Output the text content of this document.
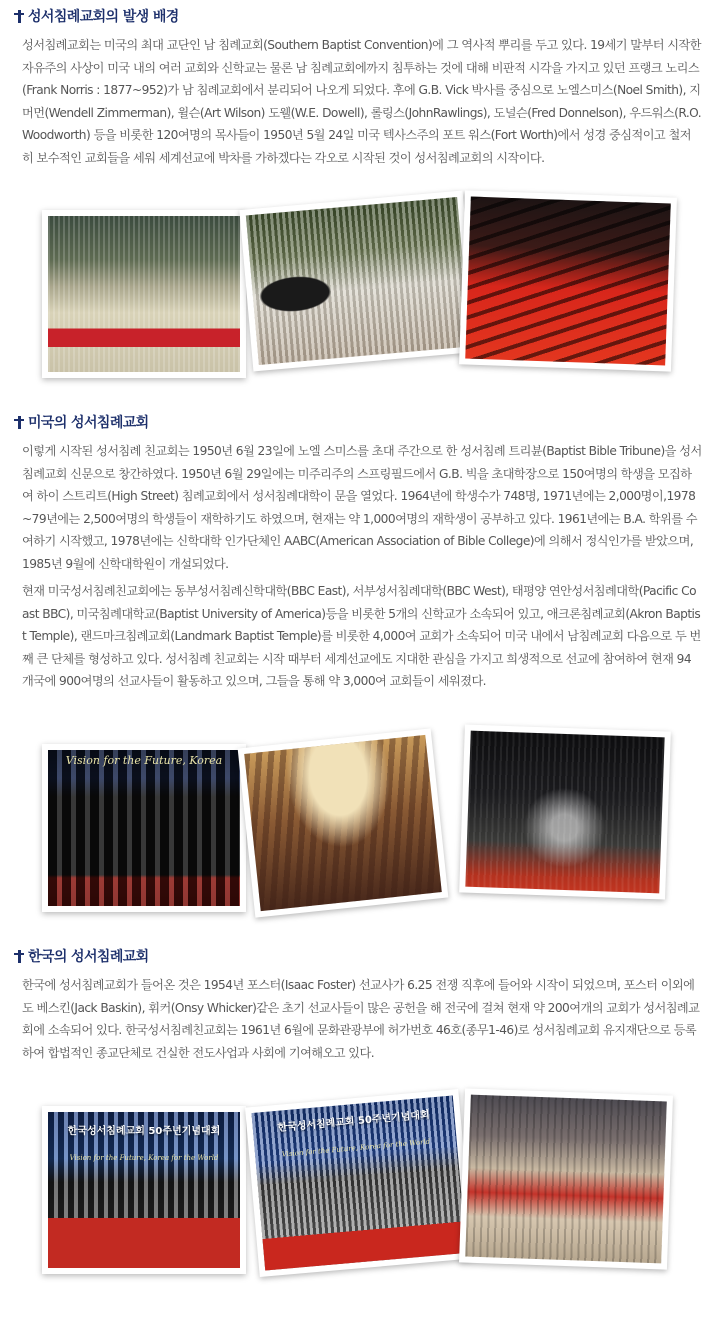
성서침례교회의 발생 배경

성서침례교회는 미국의 최대 교단인 남 침례교회(Southern Baptist Convention)에 그 역사적 뿌리를 두고 있다. 19세기 말부터 시작한 자유주의 사상이 미국 내의 여러 교회와 신학교는 물론 남 침례교회에까지 침투하는 것에 대해 비판적 시각을 가지고 있던 프랭크 노리스(Frank Norris : 1877~952)가 남 침례교회에서 분리되어 나오게 되었다. 후에 G.B. Vick 박사를 중심으로 노엘스미스(Noel Smith), 지머먼(Wendell Zimmerman), 윌슨(Art Wilson) 도웰(W.E. Dowell), 롤링스(JohnRawlings), 도널슨(Fred Donnelson), 우드워스(R.O. Woodworth) 등을 비롯한 120여명의 목사들이 1950년 5월 24일 미국 텍사스주의 포트 워스(Fort Worth)에서 성경 중심적이고 철저히 보수적인 교회들을 세워 세계선교에 박차를 가하겠다는 각오로 시작된 것이 성서침례교회의 시작이다.

미국의 성서침례교회

이렇게 시작된 성서침례 친교회는 1950년 6월 23일에 노엘 스미스를 초대 주간으로 한 성서침례 트리뷴(Baptist Bible Tribune)을 성서침례교회 신문으로 창간하였다. 1950년 6월 29일에는 미주리주의 스프링필드에서 G.B. 빅을 초대학장으로 150여명의 학생을 모집하여 하이 스트리트(High Street) 침례교회에서 성서침례대학이 문을 열었다. 1964년에 학생수가 748명, 1971년에는 2,000명이,1978~79년에는 2,500여명의 학생들이 재학하기도 하였으며, 현재는 약 1,000여명의 재학생이 공부하고 있다. 1961년에는 B.A. 학위를 수여하기 시작했고, 1978년에는 신학대학 인가단체인 AABC(American Association of Bible College)에 의해서 정식인가를 받았으며, 1985년 9월에 신학대학원이 개설되었다.

현재 미국성서침례친교회에는 동부성서침례신학대학(BBC East), 서부성서침례대학(BBC West), 태평양 연안성서침례대학(Pacific Coast BBC), 미국침례대학교(Baptist University of America)등을 비롯한 5개의 신학교가 소속되어 있고, 애크론침례교회(Akron Baptist Temple), 랜드마크침례교회(Landmark Baptist Temple)를 비롯한 4,000여 교회가 소속되어 미국 내에서 남침례교회 다음으로 두 번째 큰 단체를 형성하고 있다. 성서침례 친교회는 시작 때부터 세계선교에도 지대한 관심을 가지고 희생적으로 선교에 참여하여 현재 94개국에 900여명의 선교사들이 활동하고 있으며, 그들을 통해 약 3,000여 교회들이 세워졌다.

Vision for the Future, Korea
한국의 성서침례교회

한국에 성서침례교회가 들어온 것은 1954년 포스터(Isaac Foster) 선교사가 6.25 전쟁 직후에 들어와 시작이 되었으며, 포스터 이외에도 베스킨(Jack Baskin), 휘커(Onsy Whicker)같은 초기 선교사들이 많은 공헌을 해 전국에 걸쳐 현재 약 200여개의 교회가 성서침례교회에 소속되어 있다. 한국성서침례친교회는 1961년 6월에 문화관광부에 허가번호 46호(종무1-46)로 성서침례교회 유지재단으로 등록하여 합법적인 종교단체로 건실한 전도사업과 사회에 기여해오고 있다.

한국성서침례교회 50주년기념대회
Vision for the Future, Korea for the World
한국성서침례교회 50주년기념대회
Vision for the Future, Korea for the World
